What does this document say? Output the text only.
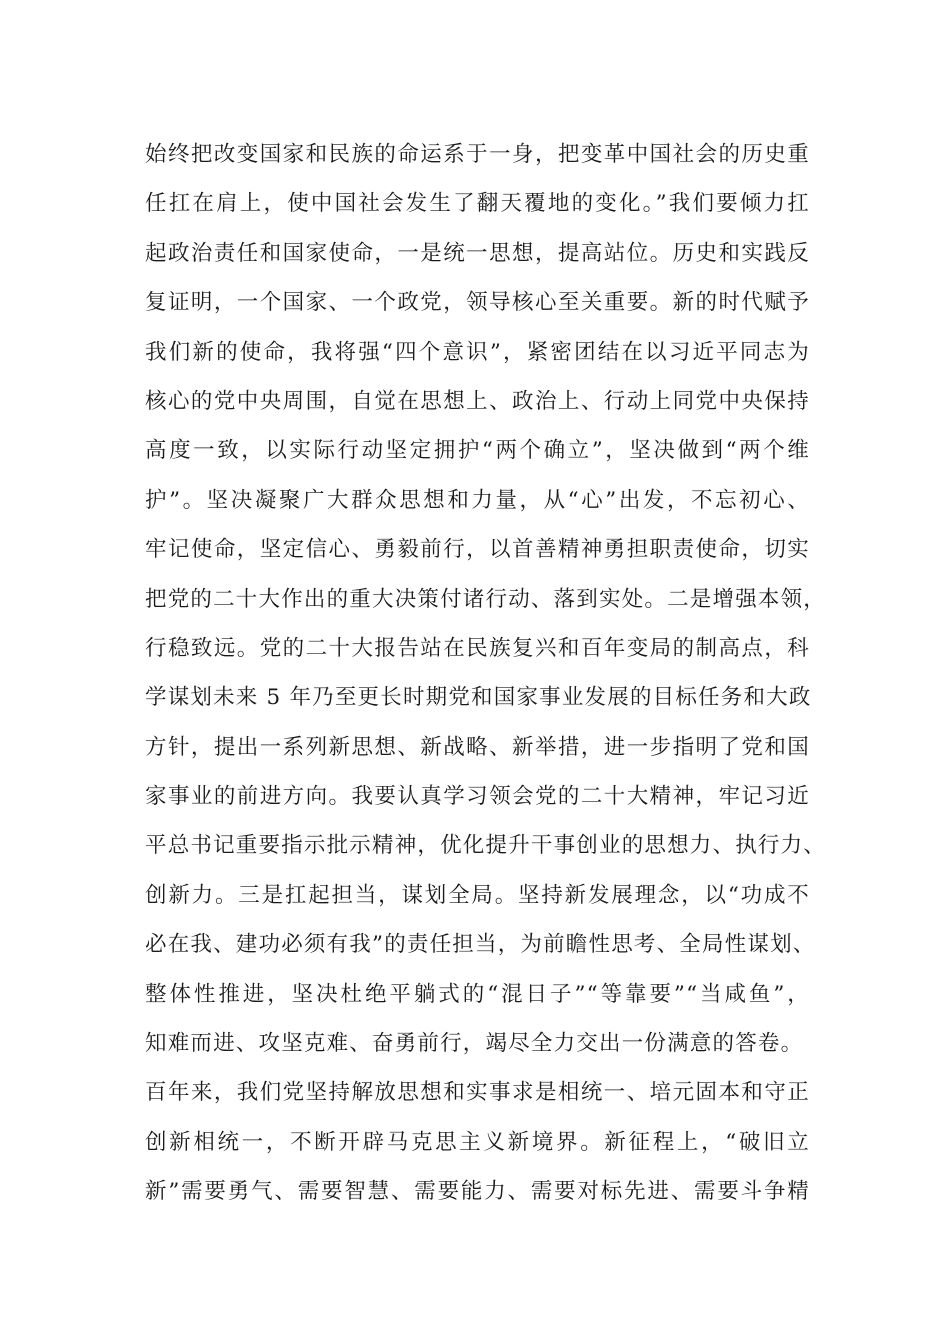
始终把改变国家和民族的命运系于一身，把变革中国社会的历史重
任扛在肩上，使中国社会发生了翻天覆地的变化。”我们要倾力扛
起政治责任和国家使命，一是统一思想，提高站位。历史和实践反
复证明，一个国家、一个政党，领导核心至关重要。新的时代赋予
我们新的使命，我将强“四个意识”，紧密团结在以习近平同志为
核心的党中央周围，自觉在思想上、政治上、行动上同党中央保持
高度一致，以实际行动坚定拥护“两个确立”，坚决做到“两个维
护”。坚决凝聚广大群众思想和力量，从“心”出发，不忘初心、
牢记使命，坚定信心、勇毅前行，以首善精神勇担职责使命，切实
把党的二十大作出的重大决策付诸行动、落到实处。二是增强本领，
行稳致远。党的二十大报告站在民族复兴和百年变局的制高点，科
学谋划未来 5 年乃至更长时期党和国家事业发展的目标任务和大政
方针，提出一系列新思想、新战略、新举措，进一步指明了党和国
家事业的前进方向。我要认真学习领会党的二十大精神，牢记习近
平总书记重要指示批示精神，优化提升干事创业的思想力、执行力、
创新力。三是扛起担当，谋划全局。坚持新发展理念，以“功成不
必在我、建功必须有我”的责任担当，为前瞻性思考、全局性谋划、
整体性推进，坚决杜绝平躺式的“混日子”“等靠要”“当咸鱼”，
知难而进、攻坚克难、奋勇前行，竭尽全力交出一份满意的答卷。
百年来，我们党坚持解放思想和实事求是相统一、培元固本和守正
创新相统一，不断开辟马克思主义新境界。新征程上，“破旧立
新”需要勇气、需要智慧、需要能力、需要对标先进、需要斗争精
